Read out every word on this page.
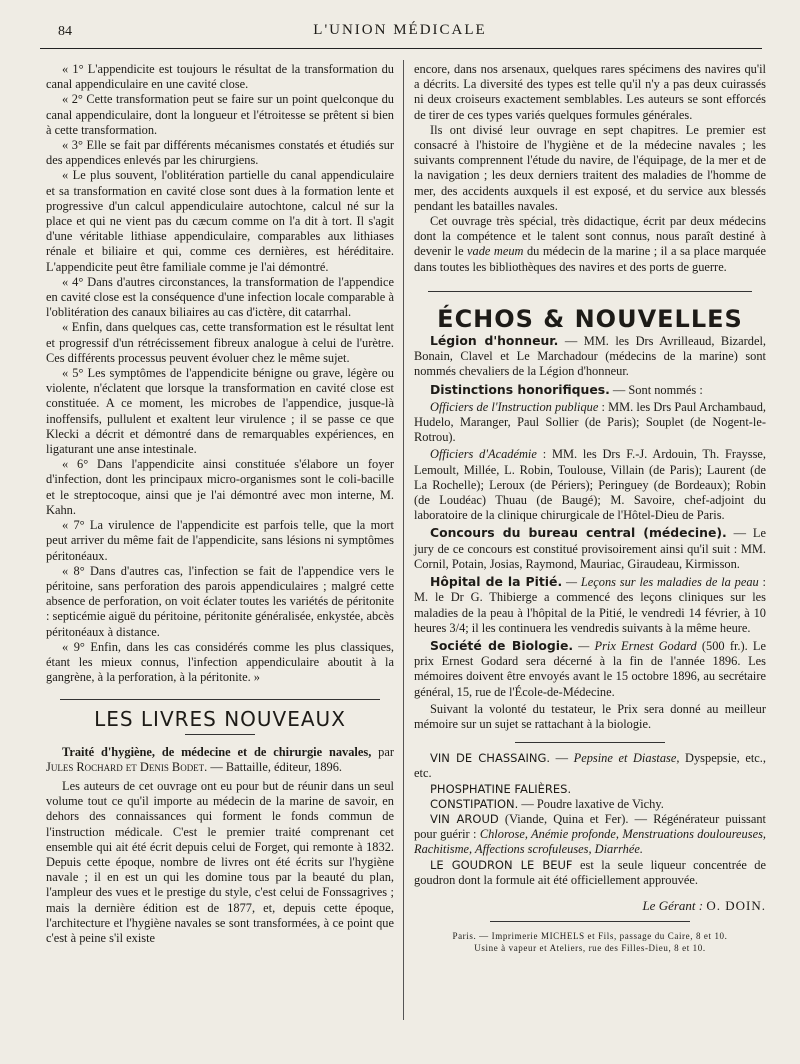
84	L'UNION MÉDICALE

« 1° L'appendicite est toujours le résultat de la transformation du canal appendiculaire en une cavité close.

« 2° Cette transformation peut se faire sur un point quelconque du canal appendiculaire, dont la longueur et l'étroitesse se prêtent si bien à cette transformation.

« 3° Elle se fait par différents mécanismes constatés et étudiés sur des appendices enlevés par les chirurgiens.

« Le plus souvent, l'oblitération partielle du canal appendiculaire et sa transformation en cavité close sont dues à la formation lente et progressive d'un calcul appendiculaire autochtone, calcul né sur la place et qui ne vient pas du cæcum comme on l'a dit à tort. Il s'agit d'une véritable lithiase appendiculaire, comparables aux lithiases rénale et biliaire et qui, comme ces dernières, est héréditaire. L'appendicite peut être familiale comme je l'ai démontré.

« 4° Dans d'autres circonstances, la transformation de l'appendice en cavité close est la conséquence d'une infection locale comparable à l'oblitération des canaux biliaires au cas d'ictère, dit catarrhal.

« Enfin, dans quelques cas, cette transformation est le résultat lent et progressif d'un rétrécissement fibreux analogue à celui de l'urètre. Ces différents processus peuvent évoluer chez le même sujet.

« 5° Les symptômes de l'appendicite bénigne ou grave, légère ou violente, n'éclatent que lorsque la transformation en cavité close est constituée. A ce moment, les microbes de l'appendice, jusque-là inoffensifs, pullulent et exaltent leur virulence ; il se passe ce que Klecki a décrit et démontré dans de remarquables expériences, en ligaturant une anse intestinale.

« 6° Dans l'appendicite ainsi constituée s'élabore un foyer d'infection, dont les principaux micro-organismes sont le coli-bacille et le streptocoque, ainsi que je l'ai démontré avec mon interne, M. Kahn.

« 7° La virulence de l'appendicite est parfois telle, que la mort peut arriver du même fait de l'appendicite, sans lésions ni symptômes péritonéaux.

« 8° Dans d'autres cas, l'infection se fait de l'appendice vers le péritoine, sans perforation des parois appendiculaires ; malgré cette absence de perforation, on voit éclater toutes les variétés de péritonite : septicémie aiguë du péritoine, péritonite généralisée, enkystée, abcès péritonéaux à distance.

« 9° Enfin, dans les cas considérés comme les plus classiques, étant les mieux connus, l'infection appendiculaire aboutit à la gangrène, à la perforation, à la péritonite. »

LES LIVRES NOUVEAUX

Traité d'hygiène, de médecine et de chirurgie navales, par Jules Rochard et Denis Bodet. — Battaille, éditeur, 1896.

Les auteurs de cet ouvrage ont eu pour but de réunir dans un seul volume tout ce qu'il importe au médecin de la marine de savoir, en dehors des connaissances qui forment le fonds commun de l'instruction médicale. C'est le premier traité comprenant cet ensemble qui ait été écrit depuis celui de Forget, qui remonte à 1832. Depuis cette époque, nombre de livres ont été écrits sur l'hygiène navale ; il en est un qui les domine tous par la beauté du plan, l'ampleur des vues et le prestige du style, c'est celui de Fonssagrives ; mais la dernière édition est de 1877, et, depuis cette époque, l'architecture et l'hygiène navales se sont transformées, à ce point que c'est à peine s'il existe

encore, dans nos arsenaux, quelques rares spécimens des navires qu'il a décrits. La diversité des types est telle qu'il n'y a pas deux cuirassés ni deux croiseurs exactement semblables. Les auteurs se sont efforcés de tirer de ces types variés quelques formules générales.

Ils ont divisé leur ouvrage en sept chapitres. Le premier est consacré à l'histoire de l'hygiène et de la médecine navales ; les suivants comprennent l'étude du navire, de l'équipage, de la mer et de la navigation ; les deux derniers traitent des maladies de l'homme de mer, des accidents auxquels il est exposé, et du service aux blessés pendant les batailles navales.

Cet ouvrage très spécial, très didactique, écrit par deux médecins dont la compétence et le talent sont connus, nous paraît destiné à devenir le vade meum du médecin de la marine ; il a sa place marquée dans toutes les bibliothèques des navires et des ports de guerre.

ÉCHOS & NOUVELLES

Légion d'honneur. — MM. les Drs Avrilleaud, Bizardel, Bonain, Clavel et Le Marchadour (médecins de la marine) sont nommés chevaliers de la Légion d'honneur.

Distinctions honorifiques. — Sont nommés :

Officiers de l'Instruction publique : MM. les Drs Paul Archambaud, Hudelo, Maranger, Paul Sollier (de Paris); Souplet (de Nogent-le-Rotrou).

Officiers d'Académie : MM. les Drs F.-J. Ardouin, Th. Fraysse, Lemoult, Millée, L. Robin, Toulouse, Villain (de Paris); Laurent (de La Rochelle); Leroux (de Périers); Peringuey (de Bordeaux); Robin (de Loudéac) Thuau (de Baugé); M. Savoire, chef-adjoint du laboratoire de la clinique chirurgicale de l'Hôtel-Dieu de Paris.

Concours du bureau central (médecine). — Le jury de ce concours est constitué provisoirement ainsi qu'il suit : MM. Cornil, Potain, Josias, Raymond, Mauriac, Giraudeau, Kirmisson.

Hôpital de la Pitié. — Leçons sur les maladies de la peau : M. le Dr G. Thibierge a commencé des leçons cliniques sur les maladies de la peau à l'hôpital de la Pitié, le vendredi 14 février, à 10 heures 3/4; il les continuera les vendredis suivants à la même heure.

Société de Biologie. — Prix Ernest Godard (500 fr.). Le prix Ernest Godard sera décerné à la fin de l'année 1896. Les mémoires doivent être envoyés avant le 15 octobre 1896, au secrétaire général, 15, rue de l'École-de-Médecine.

Suivant la volonté du testateur, le Prix sera donné au meilleur mémoire sur un sujet se rattachant à la biologie.

VIN DE CHASSAING. — Pepsine et Diastase, Dyspepsie, etc., etc.

PHOSPHATINE FALIÈRES.

CONSTIPATION. — Poudre laxative de Vichy.

VIN AROUD (Viande, Quina et Fer). — Régénérateur puissant pour guérir : Chlorose, Anémie profonde, Menstruations douloureuses, Rachitisme, Affections scrofuleuses, Diarrhée.

LE GOUDRON LE BEUF est la seule liqueur concentrée de goudron dont la formule ait été officiellement approuvée.

Le Gérant : O. DOIN.
Paris. — Imprimerie MICHELS et Fils, passage du Caire, 8 et 10.
Usine à vapeur et Ateliers, rue des Filles-Dieu, 8 et 10.
